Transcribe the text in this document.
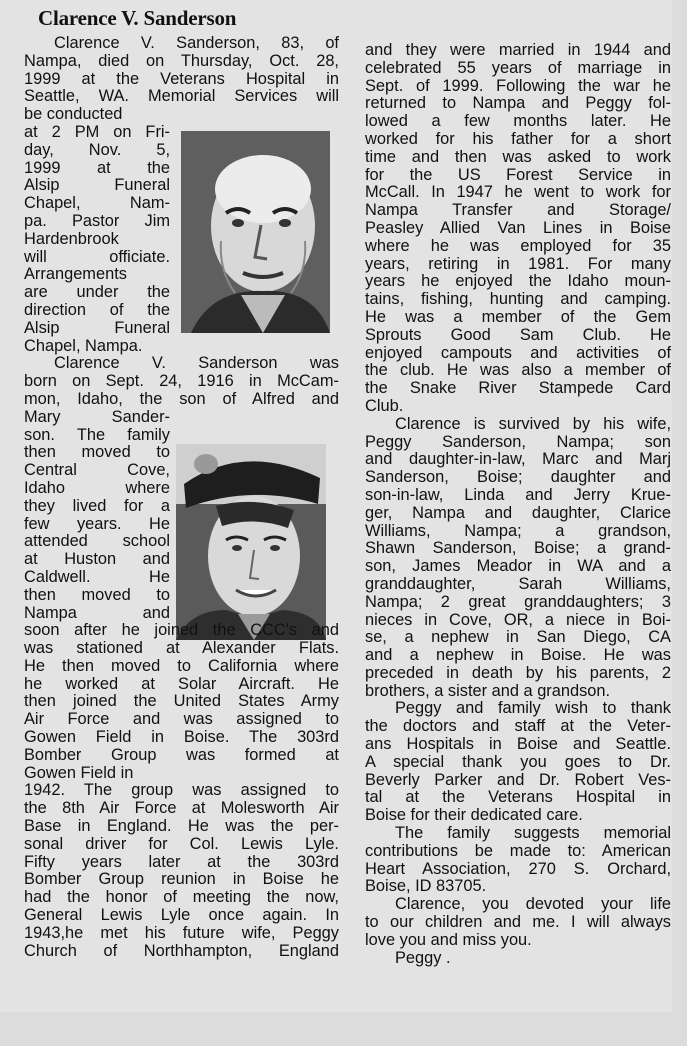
Clarence V. Sanderson

Clarence V. Sanderson, 83, of

Nampa, died on Thursday, Oct. 28,

1999 at the Veterans Hospital in

Seattle, WA. Memorial Services will

be conducted

at 2 PM on Fri-

day, Nov. 5,

1999 at the

Alsip Funeral

Chapel, Nam-

pa. Pastor Jim

Hardenbrook

will officiate.

Arrangements

are under the

direction of the

Alsip Funeral

Chapel, Nampa.

Clarence V. Sanderson was

born on Sept. 24, 1916 in McCam-

mon, Idaho, the son of Alfred and

Mary Sander-

son. The family

then moved to

Central Cove,

Idaho where

they lived for a

few years. He

attended school

at Huston and

Caldwell. He

then moved to

Nampa and

soon after he joined the CCC's and

was stationed at Alexander Flats.

He then moved to California where

he worked at Solar Aircraft. He

then joined the United States Army

Air Force and was assigned to

Gowen Field in Boise. The 303rd

Bomber Group was formed at

Gowen Field in

1942. The group was assigned to

the 8th Air Force at Molesworth Air

Base in England. He was the per-

sonal driver for Col. Lewis Lyle.

Fifty years later at the 303rd

Bomber Group reunion in Boise he

had the honor of meeting the now,

General Lewis Lyle once again. In

1943,he met his future wife, Peggy

Church of Northhampton, England

and they were married in 1944 and

celebrated 55 years of marriage in

Sept. of 1999. Following the war he

returned to Nampa and Peggy fol-

lowed a few months later. He

worked for his father for a short

time and then was asked to work

for the US Forest Service in

McCall. In 1947 he went to work for

Nampa Transfer and Storage/

Peasley Allied Van Lines in Boise

where he was employed for 35

years, retiring in 1981. For many

years he enjoyed the Idaho moun-

tains, fishing, hunting and camping.

He was a member of the Gem

Sprouts Good Sam Club. He

enjoyed campouts and activities of

the club. He was also a member of

the Snake River Stampede Card

Club.

Clarence is survived by his wife,

Peggy Sanderson, Nampa; son

and daughter-in-law, Marc and Marj

Sanderson, Boise; daughter and

son-in-law, Linda and Jerry Krue-

ger, Nampa and daughter, Clarice

Williams, Nampa; a grandson,

Shawn Sanderson, Boise; a grand-

son, James Meador in WA and a

granddaughter, Sarah Williams,

Nampa; 2 great granddaughters; 3

nieces in Cove, OR, a niece in Boi-

se, a nephew in San Diego, CA

and a nephew in Boise. He was

preceded in death by his parents, 2

brothers, a sister and a grandson.

Peggy and family wish to thank

the doctors and staff at the Veter-

ans Hospitals in Boise and Seattle.

A special thank you goes to Dr.

Beverly Parker and Dr. Robert Ves-

tal at the Veterans Hospital in

Boise for their dedicated care.

The family suggests memorial

contributions be made to: American

Heart Association, 270 S. Orchard,

Boise, ID 83705.

Clarence, you devoted your life

to our children and me. I will always

love you and miss you.

Peggy .
